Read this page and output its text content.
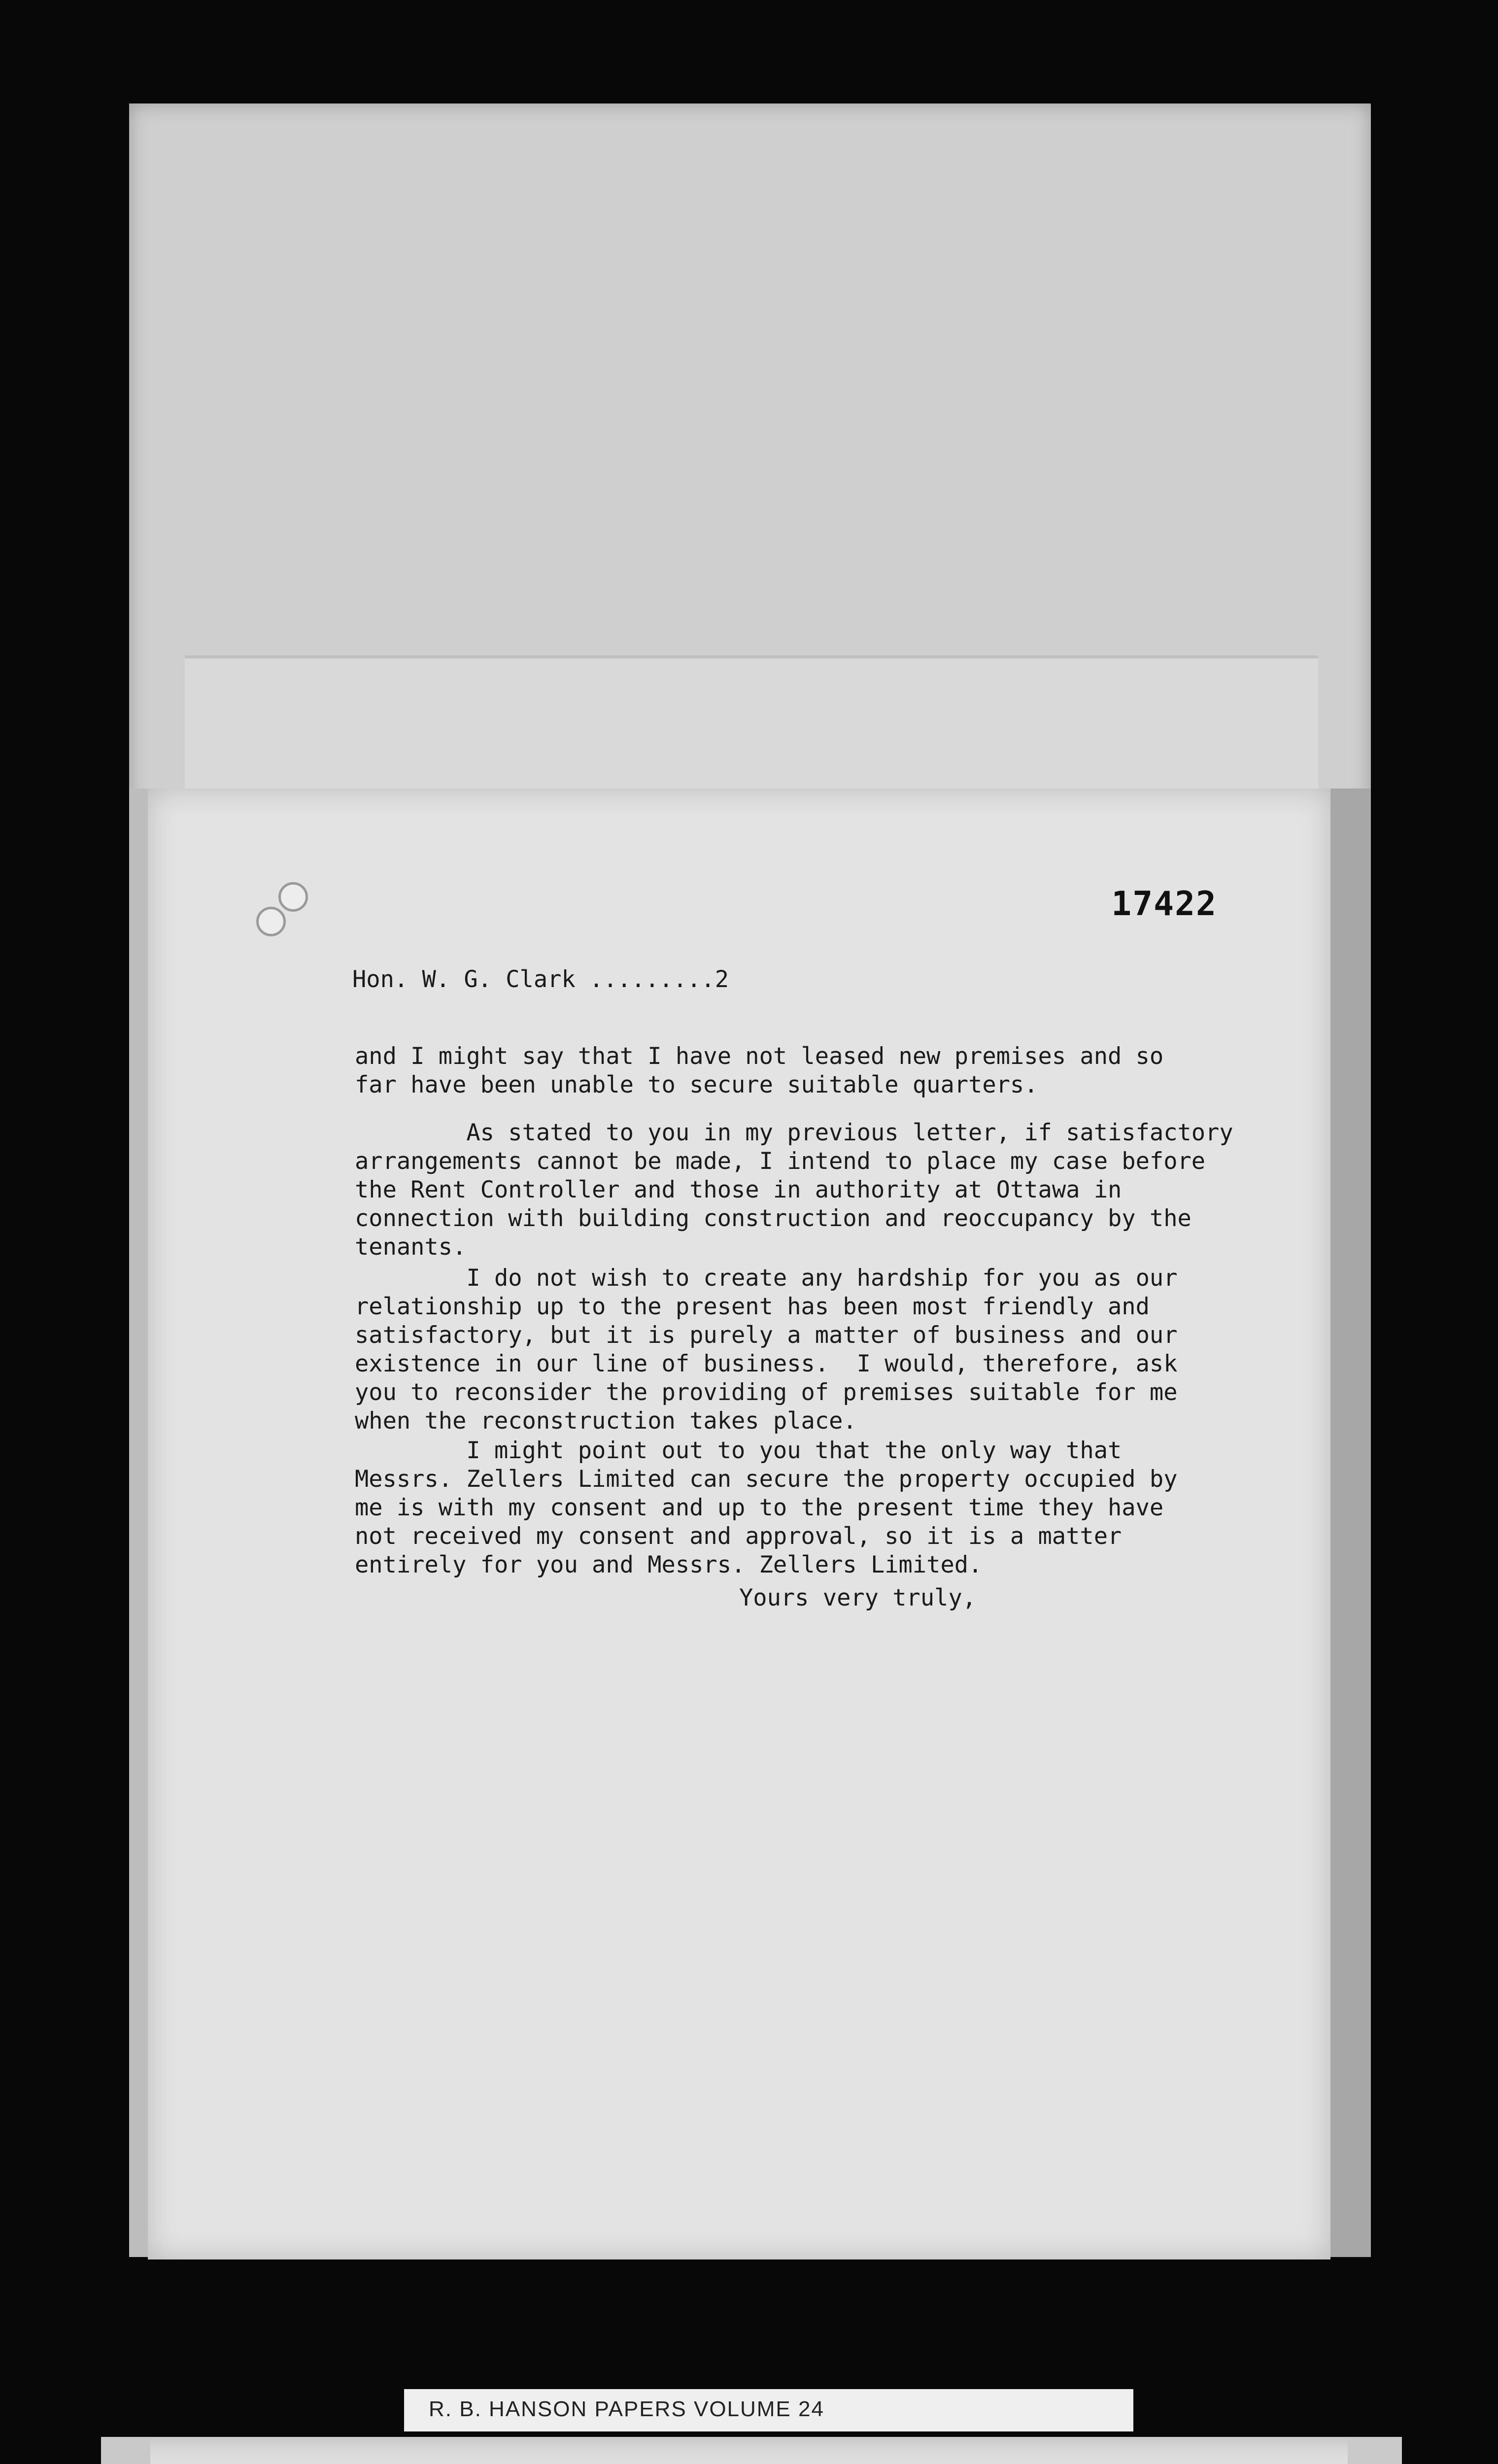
17422
Hon. W. G. Clark .........2
and I might say that I have not leased new premises and so
far have been unable to secure suitable quarters.
As stated to you in my previous letter, if satisfactory
arrangements cannot be made, I intend to place my case before
the Rent Controller and those in authority at Ottawa in
connection with building construction and reoccupancy by the
tenants.
I do not wish to create any hardship for you as our
relationship up to the present has been most friendly and
satisfactory, but it is purely a matter of business and our
existence in our line of business.  I would, therefore, ask
you to reconsider the providing of premises suitable for me
when the reconstruction takes place.
I might point out to you that the only way that
Messrs. Zellers Limited can secure the property occupied by
me is with my consent and up to the present time they have
not received my consent and approval, so it is a matter
entirely for you and Messrs. Zellers Limited.
Yours very truly,
R. B. HANSON PAPERS VOLUME 24
